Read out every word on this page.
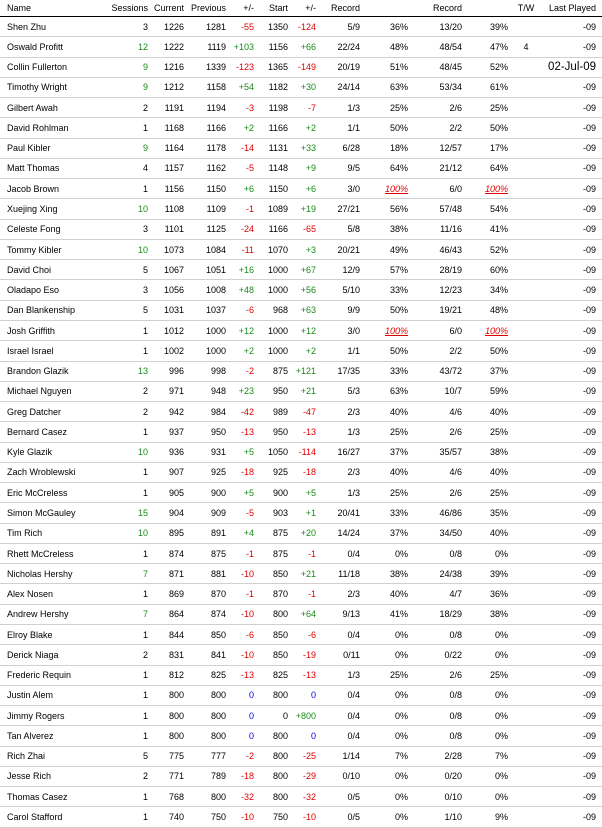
Name	Sessions	Current	Previous	+/-	Start	+/-	Record		Record		T/W	Last Played
Shen Zhu	3	1226	1281	-55	1350	-124	5/9	36%	13/20	39%		-09
Oswald Profitt	12	1222	1119	+103	1156	+66	22/24	48%	48/54	47%	4	-09
Collin Fullerton	9	1216	1339	-123	1365	-149	20/19	51%	48/45	52%		02-Jul-09
Timothy Wright	9	1212	1158	+54	1182	+30	24/14	63%	53/34	61%		-09
Gilbert Awah	2	1191	1194	-3	1198	-7	1/3	25%	2/6	25%		-09
David Rohlman	1	1168	1166	+2	1166	+2	1/1	50%	2/2	50%		-09
Paul Kibler	9	1164	1178	-14	1131	+33	6/28	18%	12/57	17%		-09
Matt Thomas	4	1157	1162	-5	1148	+9	9/5	64%	21/12	64%		-09
Jacob Brown	1	1156	1150	+6	1150	+6	3/0	100%	6/0	100%		-09
Xuejing Xing	10	1108	1109	-1	1089	+19	27/21	56%	57/48	54%		-09
Celeste Fong	3	1101	1125	-24	1166	-65	5/8	38%	11/16	41%		-09
Tommy Kibler	10	1073	1084	-11	1070	+3	20/21	49%	46/43	52%		-09
David Choi	5	1067	1051	+16	1000	+67	12/9	57%	28/19	60%		-09
Oladapo Eso	3	1056	1008	+48	1000	+56	5/10	33%	12/23	34%		-09
Dan Blankenship	5	1031	1037	-6	968	+63	9/9	50%	19/21	48%		-09
Josh Griffith	1	1012	1000	+12	1000	+12	3/0	100%	6/0	100%		-09
Israel Israel	1	1002	1000	+2	1000	+2	1/1	50%	2/2	50%		-09
Brandon Glazik	13	996	998	-2	875	+121	17/35	33%	43/72	37%		-09
Michael Nguyen	2	971	948	+23	950	+21	5/3	63%	10/7	59%		-09
Greg Datcher	2	942	984	-42	989	-47	2/3	40%	4/6	40%		-09
Bernard Casez	1	937	950	-13	950	-13	1/3	25%	2/6	25%		-09
Kyle Glazik	10	936	931	+5	1050	-114	16/27	37%	35/57	38%		-09
Zach Wroblewski	1	907	925	-18	925	-18	2/3	40%	4/6	40%		-09
Eric McCreless	1	905	900	+5	900	+5	1/3	25%	2/6	25%		-09
Simon McGauley	15	904	909	-5	903	+1	20/41	33%	46/86	35%		-09
Tim Rich	10	895	891	+4	875	+20	14/24	37%	34/50	40%		-09
Rhett McCreless	1	874	875	-1	875	-1	0/4	0%	0/8	0%		-09
Nicholas Hershy	7	871	881	-10	850	+21	11/18	38%	24/38	39%		-09
Alex Nosen	1	869	870	-1	870	-1	2/3	40%	4/7	36%		-09
Andrew Hershy	7	864	874	-10	800	+64	9/13	41%	18/29	38%		-09
Elroy Blake	1	844	850	-6	850	-6	0/4	0%	0/8	0%		-09
Derick Niaga	2	831	841	-10	850	-19	0/11	0%	0/22	0%		-09
Frederic Requin	1	812	825	-13	825	-13	1/3	25%	2/6	25%		-09
Justin Alem	1	800	800	0	800	0	0/4	0%	0/8	0%		-09
Jimmy Rogers	1	800	800	0	0	+800	0/4	0%	0/8	0%		-09
Tan Alverez	1	800	800	0	800	0	0/4	0%	0/8	0%		-09
Rich Zhai	5	775	777	-2	800	-25	1/14	7%	2/28	7%		-09
Jesse Rich	2	771	789	-18	800	-29	0/10	0%	0/20	0%		-09
Thomas Casez	1	768	800	-32	800	-32	0/5	0%	0/10	0%		-09
Carol Stafford	1	740	750	-10	750	-10	0/5	0%	1/10	9%		-09
